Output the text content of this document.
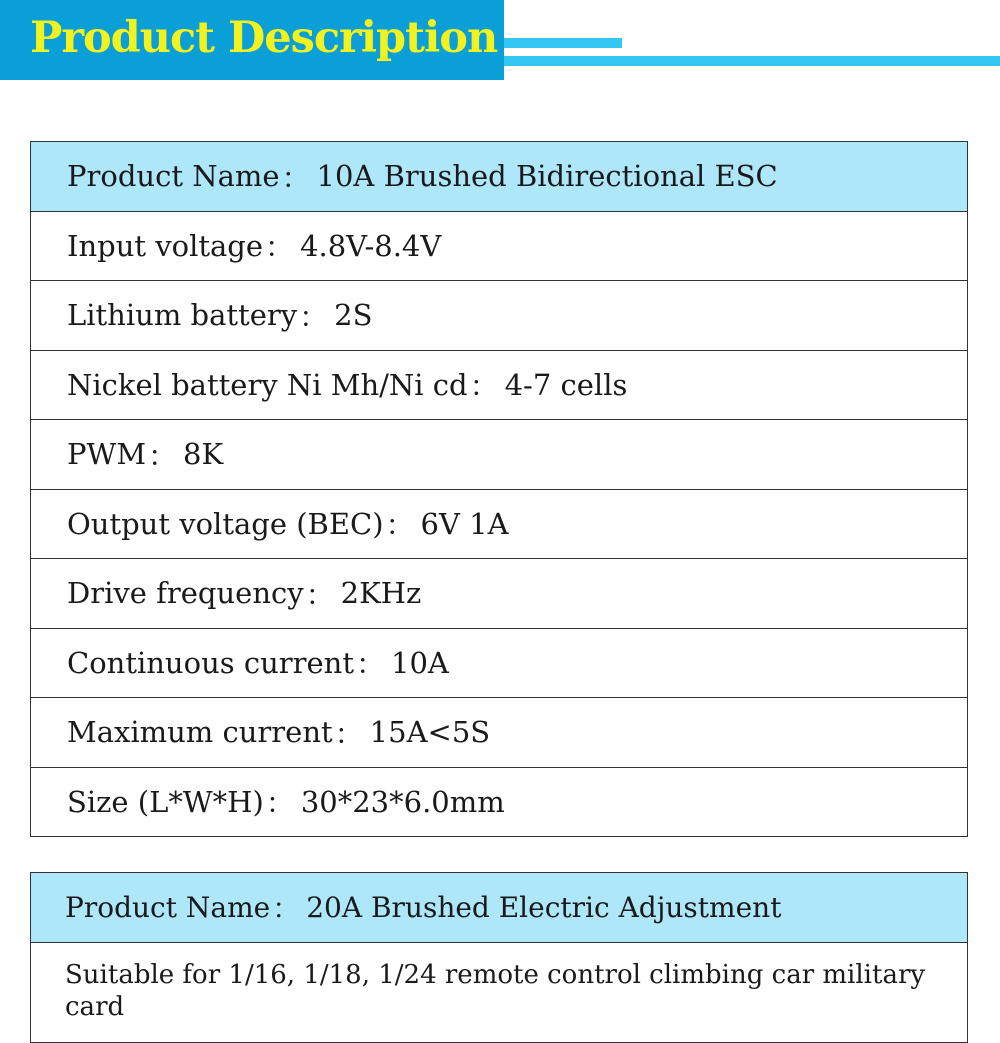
Product Description
Product Name ： 10A Brushed Bidirectional ESC
Input voltage ： 4.8V-8.4V
Lithium battery ： 2S
Nickel battery Ni Mh/Ni cd ： 4-7 cells
PWM ： 8K
Output voltage (BEC) ： 6V 1A
Drive frequency ： 2KHz
Continuous current ： 10A
Maximum current ： 15A<5S
Size (L*W*H) ： 30*23*6.0mm
Product Name ： 20A Brushed Electric Adjustment
Suitable for 1/16, 1/18, 1/24 remote control climbing car military card
